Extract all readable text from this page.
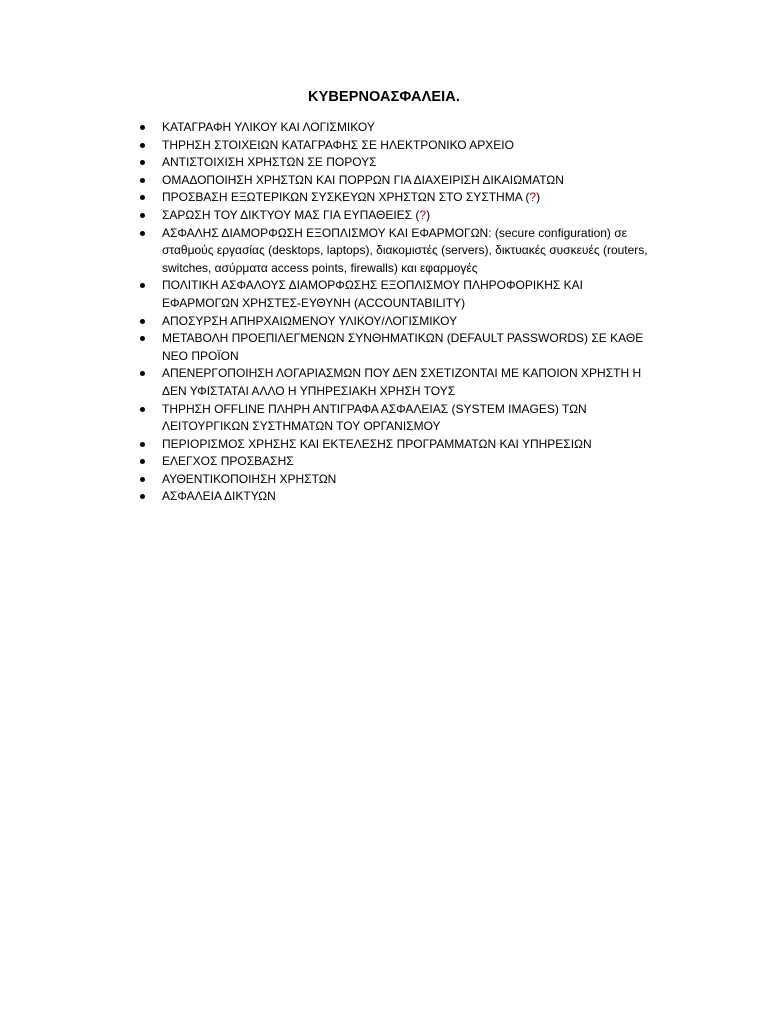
ΚΥΒΕΡΝΟΑΣΦΑΛΕΙΑ.
ΚΑΤΑΓΡΑΦΗ ΥΛΙΚΟΥ ΚΑΙ ΛΟΓΙΣΜΙΚΟΥ
ΤΗΡΗΣΗ ΣΤΟΙΧΕΙΩΝ ΚΑΤΑΓΡΑΦΗΣ ΣΕ ΗΛΕΚΤΡΟΝΙΚΟ ΑΡΧΕΙΟ
ΑΝΤΙΣΤΟΙΧΙΣΗ ΧΡΗΣΤΩΝ ΣΕ ΠΟΡΟΥΣ
ΟΜΑΔΟΠΟΙΗΣΗ ΧΡΗΣΤΩΝ ΚΑΙ ΠΟΡΡΩΝ ΓΙΑ ΔΙΑΧΕΙΡΙΣΗ ΔΙΚΑΙΩΜΑΤΩΝ
ΠΡΟΣΒΑΣΗ ΕΞΩΤΕΡΙΚΩΝ ΣΥΣΚΕΥΩΝ ΧΡΗΣΤΩΝ ΣΤΟ ΣΥΣΤΗΜΑ (?)
ΣΑΡΩΣΗ ΤΟΥ ΔΙΚΤΥΟΥ ΜΑΣ ΓΙΑ ΕΥΠΑΘΕΙΕΣ (?)
ΑΣΦΑΛΗΣ ΔΙΑΜΟΡΦΩΣΗ ΕΞΟΠΛΙΣΜΟΥ ΚΑΙ ΕΦΑΡΜΟΓΩΝ: (secure configuration) σε σταθμούς εργασίας (desktops, laptops), διακομιστές (servers), δικτυακές συσκευές (routers, switches, ασύρματα access points, firewalls) και εφαρμογές
ΠΟΛΙΤΙΚΗ ΑΣΦΑΛΟΥΣ ΔΙΑΜΟΡΦΩΣΗΣ ΕΞΟΠΛΙΣΜΟΥ ΠΛΗΡΟΦΟΡΙΚΗΣ ΚΑΙ ΕΦΑΡΜΟΓΩΝ ΧΡΗΣΤΕΣ-ΕΥΘΥΝΗ (ACCOUNTABILITY)
ΑΠΟΣΥΡΣΗ ΑΠΗΡΧΑΙΩΜΕΝΟΥ ΥΛΙΚΟΥ/ΛΟΓΙΣΜΙΚΟΥ
ΜΕΤΑΒΟΛΗ ΠΡΟΕΠΙΛΕΓΜΕΝΩΝ ΣΥΝΘΗΜΑΤΙΚΩΝ (DEFAULT PASSWORDS) ΣΕ ΚΑΘΕ ΝΕΟ ΠΡΟΪΟΝ
ΑΠΕΝΕΡΓΟΠΟΙΗΣΗ ΛΟΓΑΡΙΑΣΜΩΝ ΠΟΥ ΔΕΝ ΣΧΕΤΙΖΟΝΤΑΙ ΜΕ ΚΑΠΟΙΟΝ ΧΡΗΣΤΗ Η ΔΕΝ ΥΦΙΣΤΑΤΑΙ ΑΛΛΟ Η ΥΠΗΡΕΣΙΑΚΗ ΧΡΗΣΗ ΤΟΥΣ
ΤΗΡΗΣΗ OFFLINE ΠΛΗΡΗ ΑΝΤΙΓΡΑΦΑ ΑΣΦΑΛΕΙΑΣ (SYSTEM IMAGES) ΤΩΝ ΛΕΙΤΟΥΡΓΙΚΩΝ ΣΥΣΤΗΜΑΤΩΝ ΤΟΥ ΟΡΓΑΝΙΣΜΟΥ
ΠΕΡΙΟΡΙΣΜΟΣ ΧΡΗΣΗΣ ΚΑΙ ΕΚΤΕΛΕΣΗΣ ΠΡΟΓΡΑΜΜΑΤΩΝ ΚΑΙ ΥΠΗΡΕΣΙΩΝ
ΕΛΕΓΧΟΣ ΠΡΟΣΒΑΣΗΣ
ΑΥΘΕΝΤΙΚΟΠΟΙΗΣΗ ΧΡΗΣΤΩΝ
ΑΣΦΑΛΕΙΑ ΔΙΚΤΥΩΝ
